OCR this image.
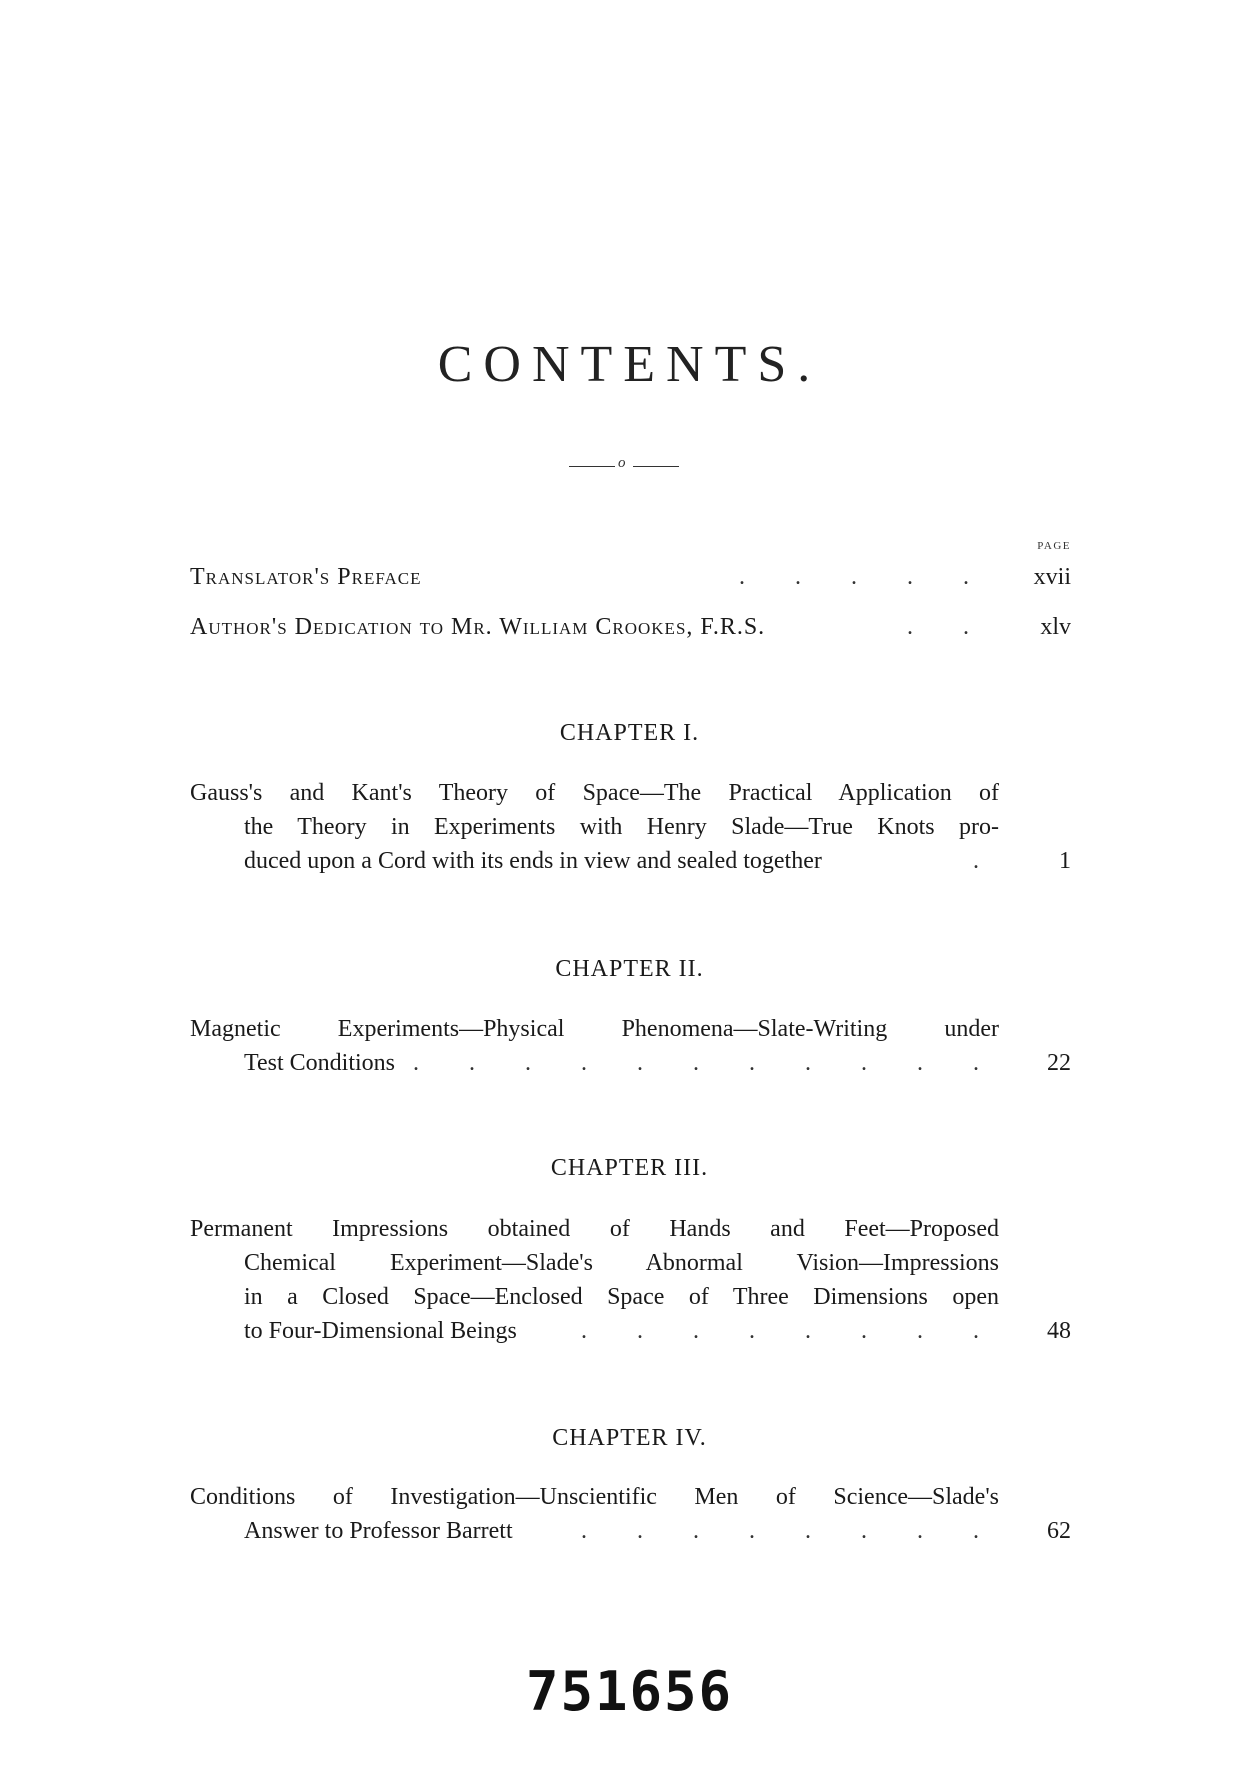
CONTENTS.
o
PAGE
Translator's Preface	. . . . .	xvii
Author's Dedication to Mr. William Crookes, F.R.S.	. .	xlv
CHAPTER I.
Gauss's and Kant's Theory of Space—The Practical Application of
the Theory in Experiments with Henry Slade—True Knots pro-
duced upon a Cord with its ends in view and sealed together	.	1
CHAPTER II.
Magnetic Experiments—Physical Phenomena—Slate-Writing under
Test Conditions . . . . . . . . . . .	22
CHAPTER III.
Permanent Impressions obtained of Hands and Feet—Proposed
Chemical Experiment—Slade's Abnormal Vision—Impressions
in a Closed Space—Enclosed Space of Three Dimensions open
to Four-Dimensional Beings	. . . . . . . .	48
CHAPTER IV.
Conditions of Investigation—Unscientific Men of Science—Slade's
Answer to Professor Barrett	. . . . . . . .	62
751656
